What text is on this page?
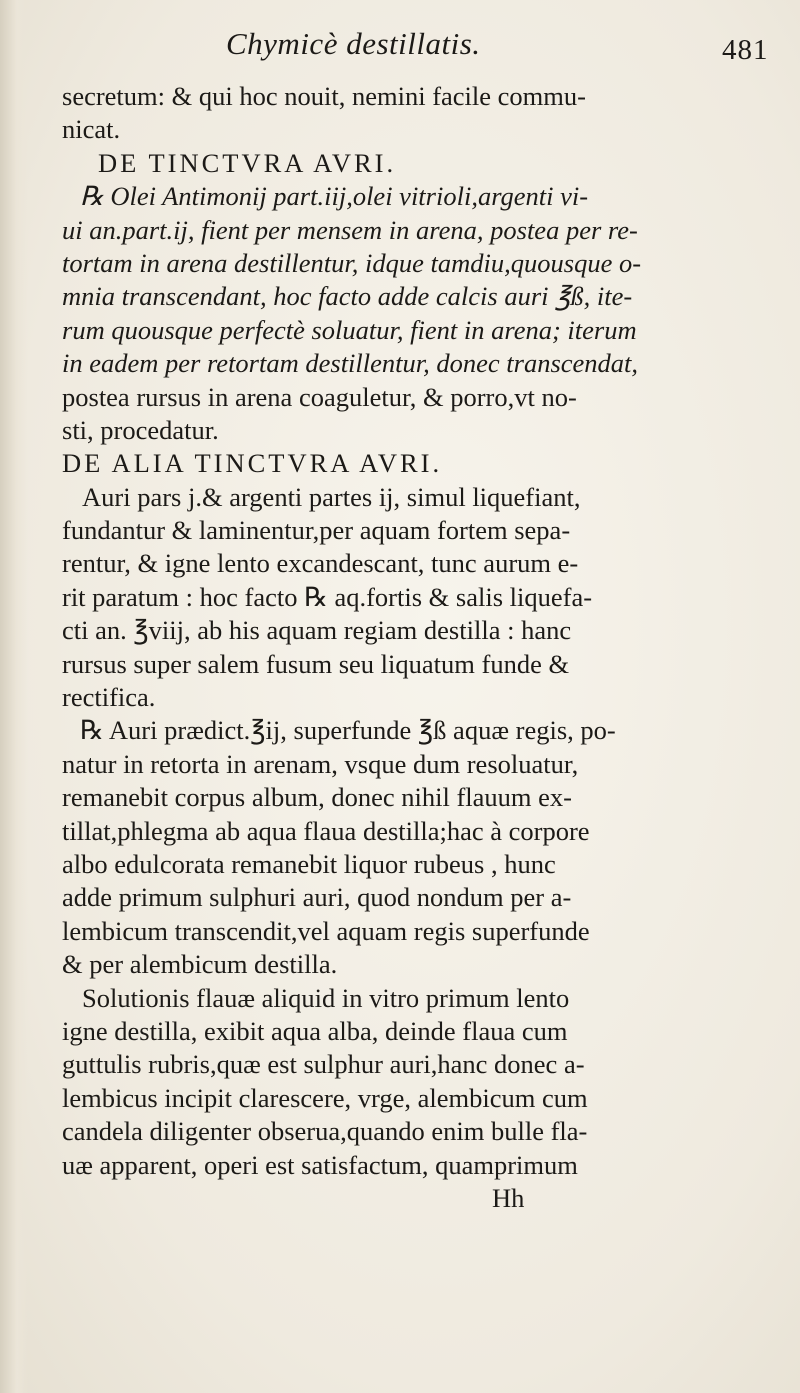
Chymicè destillatis.	481
secretum: & qui hoc nouit, nemini facile commu-
nicat.
DE TINCTVRA AVRI.
℞ Olei Antimonij part.iij,olei vitrioli,argenti vi-
ui an.part.ij, fient per mensem in arena, postea per re-
tortam in arena destillentur, idque tamdiu,quousque o-
mnia transcendant, hoc facto adde calcis auri ℥ß, ite-
rum quousque perfectè soluatur, fient in arena; iterum
in eadem per retortam destillentur, donec transcendat,
postea rursus in arena coaguletur, & porro,vt no-
sti, procedatur.
DE ALIA TINCTVRA AVRI.
Auri pars j.& argenti partes ij, simul liquefiant,
fundantur & laminentur,per aquam fortem sepa-
rentur, & igne lento excandescant, tunc aurum e-
rit paratum : hoc facto ℞ aq.fortis & salis liquefa-
cti an. ℥viij, ab his aquam regiam destilla : hanc
rursus super salem fusum seu liquatum funde &
rectifica.
℞ Auri prædict.℥ij, superfunde ℥ß aquæ regis, po-
natur in retorta in arenam, vsque dum resoluatur,
remanebit corpus album, donec nihil flauum ex-
tillat,phlegma ab aqua flaua destilla;hac à corpore
albo edulcorata remanebit liquor rubeus , hunc
adde primum sulphuri auri, quod nondum per a-
lembicum transcendit,vel aquam regis superfunde
& per alembicum destilla.
Solutionis flauæ aliquid in vitro primum lento
igne destilla, exibit aqua alba, deinde flaua cum
guttulis rubris,quæ est sulphur auri,hanc donec a-
lembicus incipit clarescere, vrge, alembicum cum
candela diligenter obserua,quando enim bulle fla-
uæ apparent, operi est satisfactum, quamprimum
Hh
